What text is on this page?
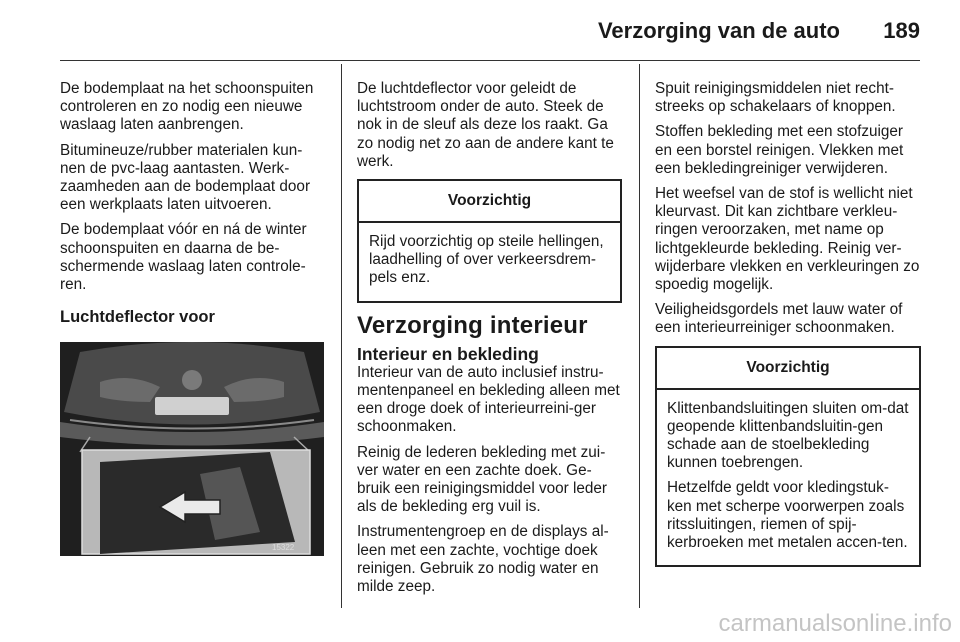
Verzorging van de auto 189

De bodemplaat na het schoonspuiten controleren en zo nodig een nieuwe waslaag laten aanbrengen.

Bitumineuze/rubber materialen kun-nen de pvc-laag aantasten. Werk-zaamheden aan de bodemplaat door een werkplaats laten uitvoeren.

De bodemplaat vóór en ná de winter schoonspuiten en daarna de be-schermende waslaag laten controle-ren.

Luchtdeflector voor
15322

De luchtdeflector voor geleidt de luchtstroom onder de auto. Steek de nok in de sleuf als deze los raakt. Ga zo nodig net zo aan de andere kant te werk.

Voorzichtig

Rijd voorzichtig op steile hellingen, laadhelling of over verkeersdrem-pels enz.

Verzorging interieur
Interieur en bekleding

Interieur van de auto inclusief instru-mentenpaneel en bekleding alleen met een droge doek of interieurreini-ger schoonmaken.

Reinig de lederen bekleding met zui-ver water en een zachte doek. Ge-bruik een reinigingsmiddel voor leder als de bekleding erg vuil is.

Instrumentengroep en de displays al-leen met een zachte, vochtige doek reinigen. Gebruik zo nodig water en milde zeep.

Spuit reinigingsmiddelen niet recht-streeks op schakelaars of knoppen.

Stoffen bekleding met een stofzuiger en een borstel reinigen. Vlekken met een bekledingreiniger verwijderen.

Het weefsel van de stof is wellicht niet kleurvast. Dit kan zichtbare verkleu-ringen veroorzaken, met name op lichtgekleurde bekleding. Reinig ver-wijderbare vlekken en verkleuringen zo spoedig mogelijk.

Veiligheidsgordels met lauw water of een interieurreiniger schoonmaken.

Voorzichtig

Klittenbandsluitingen sluiten om-dat geopende klittenbandsluitin-gen schade aan de stoelbekleding kunnen toebrengen.

Hetzelfde geldt voor kledingstuk-ken met scherpe voorwerpen zoals ritssluitingen, riemen of spij-kerbroeken met metalen accen-ten.

carmanualsonline.info
